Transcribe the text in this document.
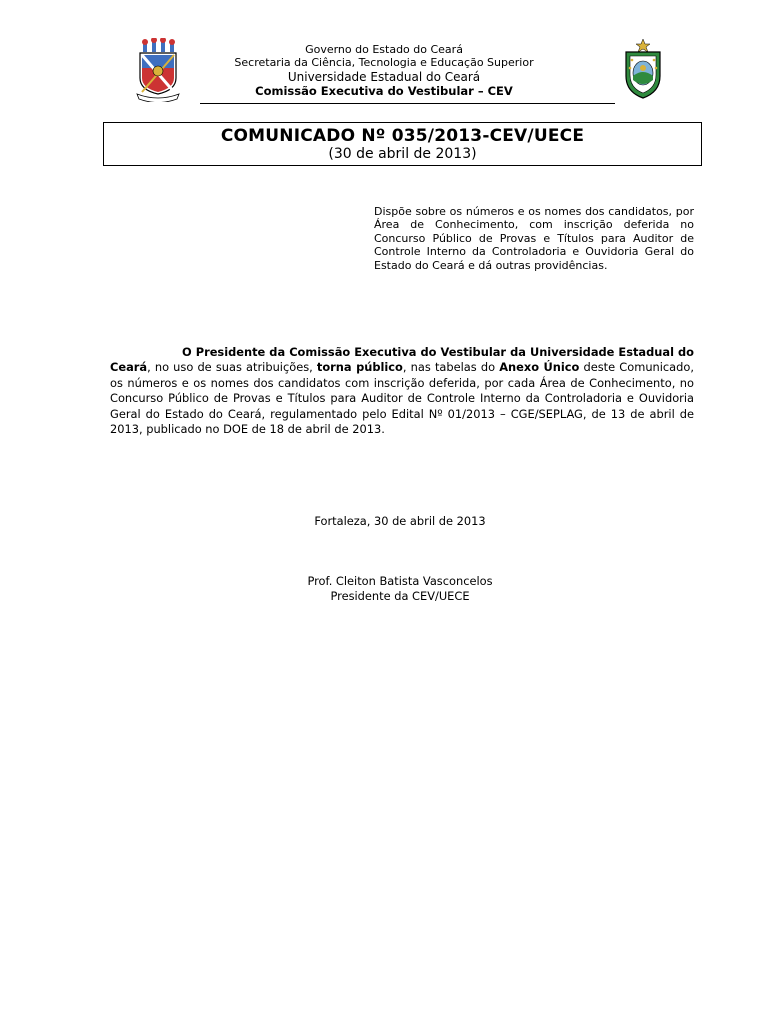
Governo do Estado do Ceará
Secretaria da Ciência, Tecnologia e Educação Superior
Universidade Estadual do Ceará
Comissão Executiva do Vestibular – CEV
COMUNICADO Nº 035/2013-CEV/UECE
(30 de abril de 2013)
Dispõe sobre os números e os nomes dos candidatos, por Área de Conhecimento, com inscrição deferida no Concurso Público de Provas e Títulos para Auditor de Controle Interno da Controladoria e Ouvidoria Geral do Estado do Ceará e dá outras providências.
O Presidente da Comissão Executiva do Vestibular da Universidade Estadual do Ceará, no uso de suas atribuições, torna público, nas tabelas do Anexo Único deste Comunicado, os números e os nomes dos candidatos com inscrição deferida, por cada Área de Conhecimento, no Concurso Público de Provas e Títulos para Auditor de Controle Interno da Controladoria e Ouvidoria Geral do Estado do Ceará, regulamentado pelo Edital Nº 01/2013 – CGE/SEPLAG, de 13 de abril de 2013, publicado no DOE de 18 de abril de 2013.
Fortaleza, 30 de abril de 2013
Prof. Cleiton Batista Vasconcelos
Presidente da CEV/UECE
